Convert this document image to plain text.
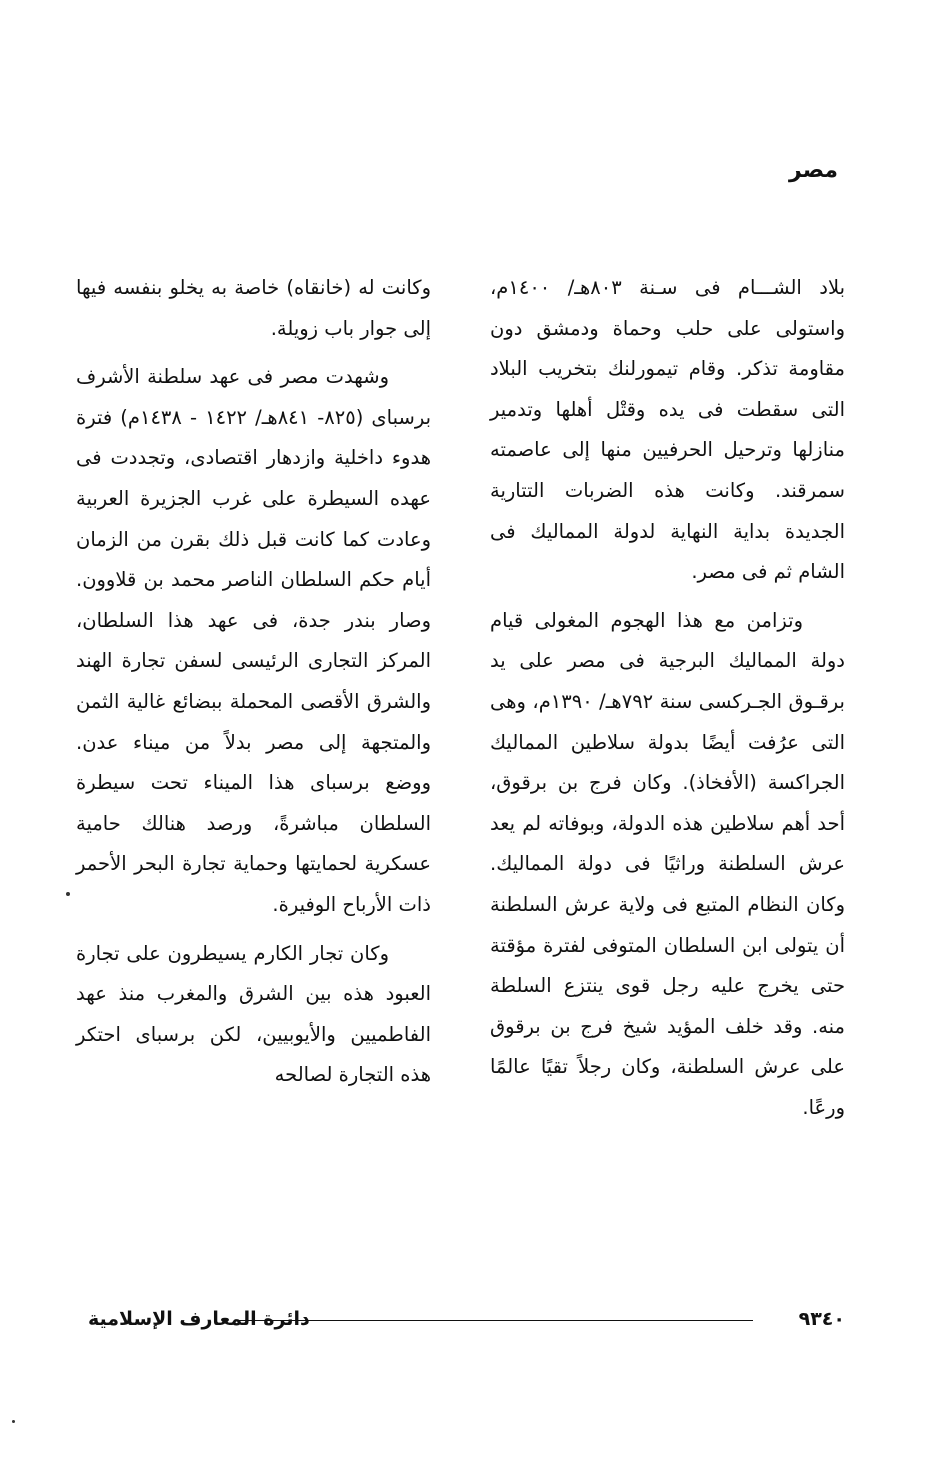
مصر

بلاد الشـــام فى سـنة ٨٠٣هـ/ ١٤٠٠م، واستولى على حلب وحماة ودمشق دون مقاومة تذكر. وقام تيمورلنك بتخريب البلاد التى سقطت فى يده وقتْل أهلها وتدمير منازلها وترحيل الحرفيين منها إلى عاصمته سمرقند. وكانت هذه الضربات التتارية الجديدة بداية النهاية لدولة المماليك فى الشام ثم فى مصر.

وتزامن مع هذا الهجوم المغولى قيام دولة المماليك البرجية فى مصر على يد برقـوق الجـركسى سنة ٧٩٢هـ/ ١٣٩٠م، وهى التى عرُفت أيضًا بدولة سلاطين المماليك الجراكسة (الأفخاذ). وكان فرج بن برقوق، أحد أهم سلاطين هذه الدولة، وبوفاته لم يعد عرش السلطنة وراثيًا فى دولة المماليك. وكان النظام المتبع فى ولاية عرش السلطنة أن يتولى ابن السلطان المتوفى لفترة مؤقتة حتى يخرج عليه رجل قوى ينتزع السلطة منه. وقد خلف المؤيد شيخ فرج بن برقوق على عرش السلطنة، وكان رجلاً تقيًا عالمًا ورعًا.

وكانت له (خانقاه) خاصة به يخلو بنفسه فيها إلى جوار باب زويلة.

وشهدت مصر فى عهد سلطنة الأشرف برسباى (٨٢٥- ٨٤١هـ/ ١٤٢٢ - ١٤٣٨م) فترة هدوء داخلية وازدهار اقتصادى، وتجددت فى عهده السيطرة على غرب الجزيرة العربية وعادت كما كانت قبل ذلك بقرن من الزمان أيام حكم السلطان الناصر محمد بن قلاوون. وصار بندر جدة، فى عهد هذا السلطان، المركز التجارى الرئيسى لسفن تجارة الهند والشرق الأقصى المحملة ببضائع غالية الثمن والمتجهة إلى مصر بدلاً من ميناء عدن. ووضع برسباى هذا الميناء تحت سيطرة السلطان مباشرةً، ورصد هنالك حامية عسكرية لحمايتها وحماية تجارة البحر الأحمر ذات الأرباح الوفيرة.

وكان تجار الكارم يسيطرون على تجارة العبود هذه بين الشرق والمغرب منذ عهد الفاطميين والأيوبيين، لكن برسباى احتكر هذه التجارة لصالحه

٩٣٤٠
دائرة المعارف الإسلامية
